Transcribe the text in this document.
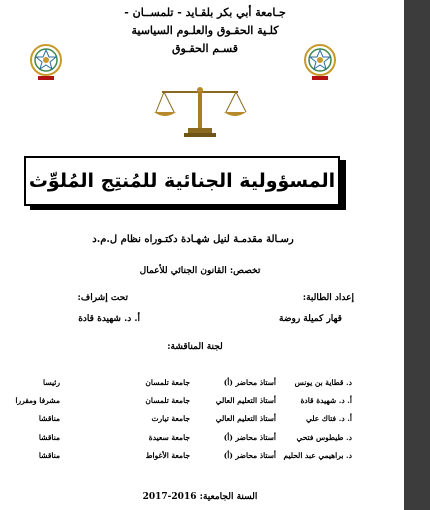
جـامعة أبي بكر بلقـايد - تلمســان -
كلـية الحقـوق والعلـوم السياسية
قسـم الحقـوق
المسؤولية الجنائية للمُنتِج المُلوِّث
رسـالة مقدمـة لنيل شهـادة دكتـوراه نظام ل.م.د
تخصص: القانون الجنائي للأعمال
إعداد الطالبة:
تحت إشراف:
قهار كميلة روضة
أ. د. شهيدة قادة
لجنة المناقشة:
د. قطاية بن يونس
أستاذ محاضر (أ)
جامعة تلمسان
رئيسا
أ. د. شهيدة قادة
أستاذ التعليم العالي
جامعة تلمسان
مشرفا ومقررا
أ. د. فتاك علي
أستاذ التعليم العالي
جامعة تيارت
مناقشا
د. طيطوس فتحي
أستاذ محاضر (أ)
جامعة سعيدة
مناقشا
د. براهيمي عبد الحليم
أستاذ محاضر (أ)
جامعة الأغواط
مناقشا
السنة الجامعية: 2016-2017
